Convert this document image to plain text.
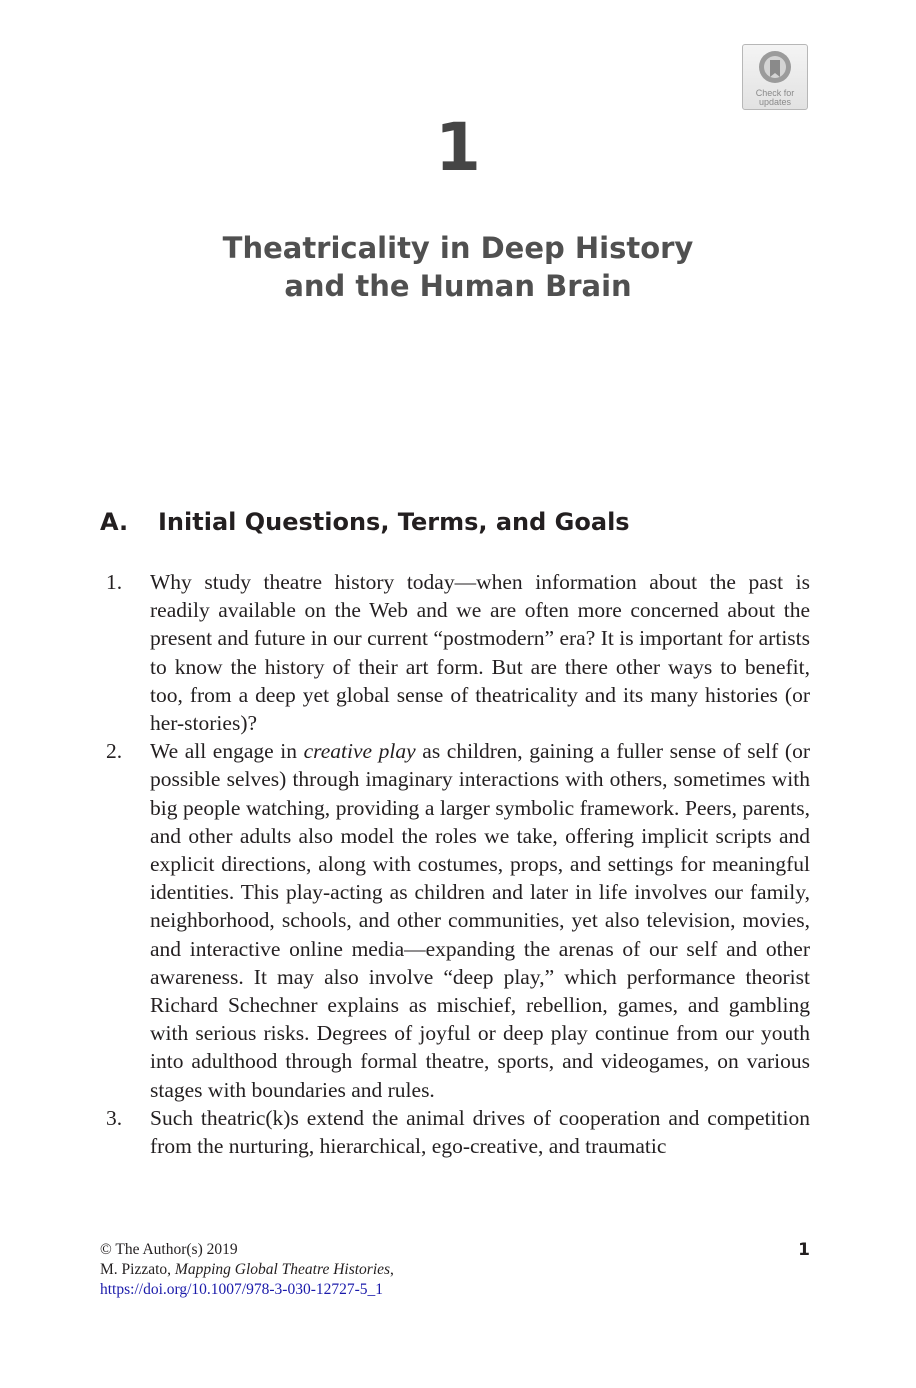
Check for
updates
1
Theatricality in Deep History
and the Human Brain
A. Initial Questions, Terms, and Goals
1. Why study theatre history today—when information about the past is readily available on the Web and we are often more concerned about the present and future in our current “postmodern” era? It is important for artists to know the history of their art form. But are there other ways to benefit, too, from a deep yet global sense of theatricality and its many histories (or her-stories)?
2. We all engage in creative play as children, gaining a fuller sense of self (or possible selves) through imaginary interactions with others, sometimes with big people watching, providing a larger symbolic framework. Peers, parents, and other adults also model the roles we take, offering implicit scripts and explicit directions, along with costumes, props, and settings for meaningful identities. This play-acting as children and later in life involves our family, neighborhood, schools, and other communities, yet also television, movies, and interactive online media—expanding the arenas of our self and other awareness. It may also involve “deep play,” which performance theorist Richard Schechner explains as mischief, rebellion, games, and gambling with serious risks. Degrees of joyful or deep play continue from our youth into adulthood through formal theatre, sports, and videogames, on various stages with boundaries and rules.
3. Such theatric(k)s extend the animal drives of cooperation and competition from the nurturing, hierarchical, ego-creative, and traumatic
© The Author(s) 2019
M. Pizzato, Mapping Global Theatre Histories,
https://doi.org/10.1007/978-3-030-12727-5_1
1
